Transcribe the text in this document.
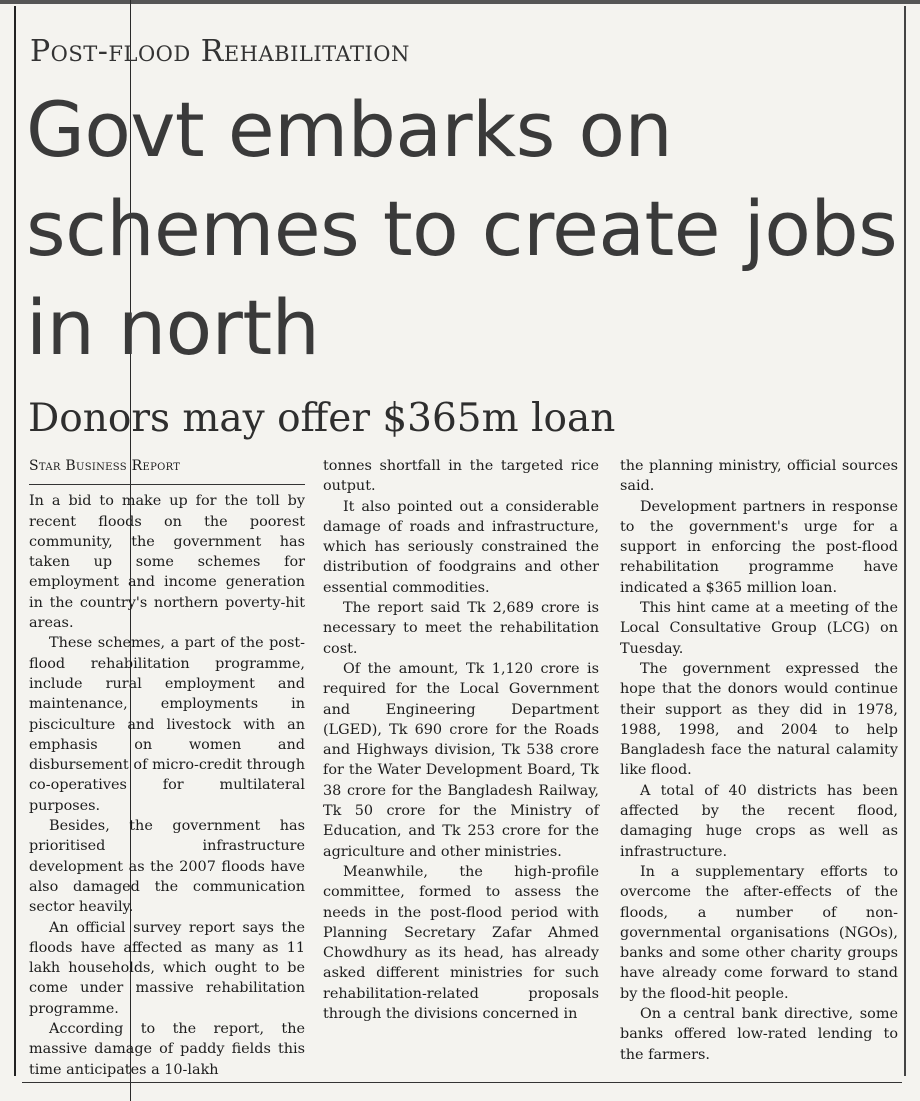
Post-flood Rehabilitation
Govt embarks on schemes to create jobs in north
Donors may offer $365m loan
Star Business Report

In a bid to make up for the toll by recent floods on the poorest community, the government has taken up some schemes for employment and income generation in the country's northern poverty-hit areas.

These schemes, a part of the post-flood rehabilitation programme, include rural employment and maintenance, employments in pisciculture and livestock with an emphasis on women and disbursement of micro-credit through co-operatives for multilateral purposes.

Besides, the government has prioritised infrastructure development as the 2007 floods have also damaged the communication sector heavily.

An official survey report says the floods have affected as many as 11 lakh households, which ought to be come under massive rehabilitation programme.

According to the report, the massive damage of paddy fields this time anticipates a 10-lakh

tonnes shortfall in the targeted rice output.

It also pointed out a considerable damage of roads and infrastructure, which has seriously constrained the distribution of foodgrains and other essential commodities.

The report said Tk 2,689 crore is necessary to meet the rehabilitation cost.

Of the amount, Tk 1,120 crore is required for the Local Government and Engineering Department (LGED), Tk 690 crore for the Roads and Highways division, Tk 538 crore for the Water Development Board, Tk 38 crore for the Bangladesh Railway, Tk 50 crore for the Ministry of Education, and Tk 253 crore for the agriculture and other ministries.

Meanwhile, the high-profile committee, formed to assess the needs in the post-flood period with Planning Secretary Zafar Ahmed Chowdhury as its head, has already asked different ministries for such rehabilitation-related proposals through the divisions concerned in

the planning ministry, official sources said.

Development partners in response to the government's urge for a support in enforcing the post-flood rehabilitation programme have indicated a $365 million loan.

This hint came at a meeting of the Local Consultative Group (LCG) on Tuesday.

The government expressed the hope that the donors would continue their support as they did in 1978, 1988, 1998, and 2004 to help Bangladesh face the natural calamity like flood.

A total of 40 districts has been affected by the recent flood, damaging huge crops as well as infrastructure.

In a supplementary efforts to overcome the after-effects of the floods, a number of non-governmental organisations (NGOs), banks and some other charity groups have already come forward to stand by the flood-hit people.

On a central bank directive, some banks offered low-rated lending to the farmers.
